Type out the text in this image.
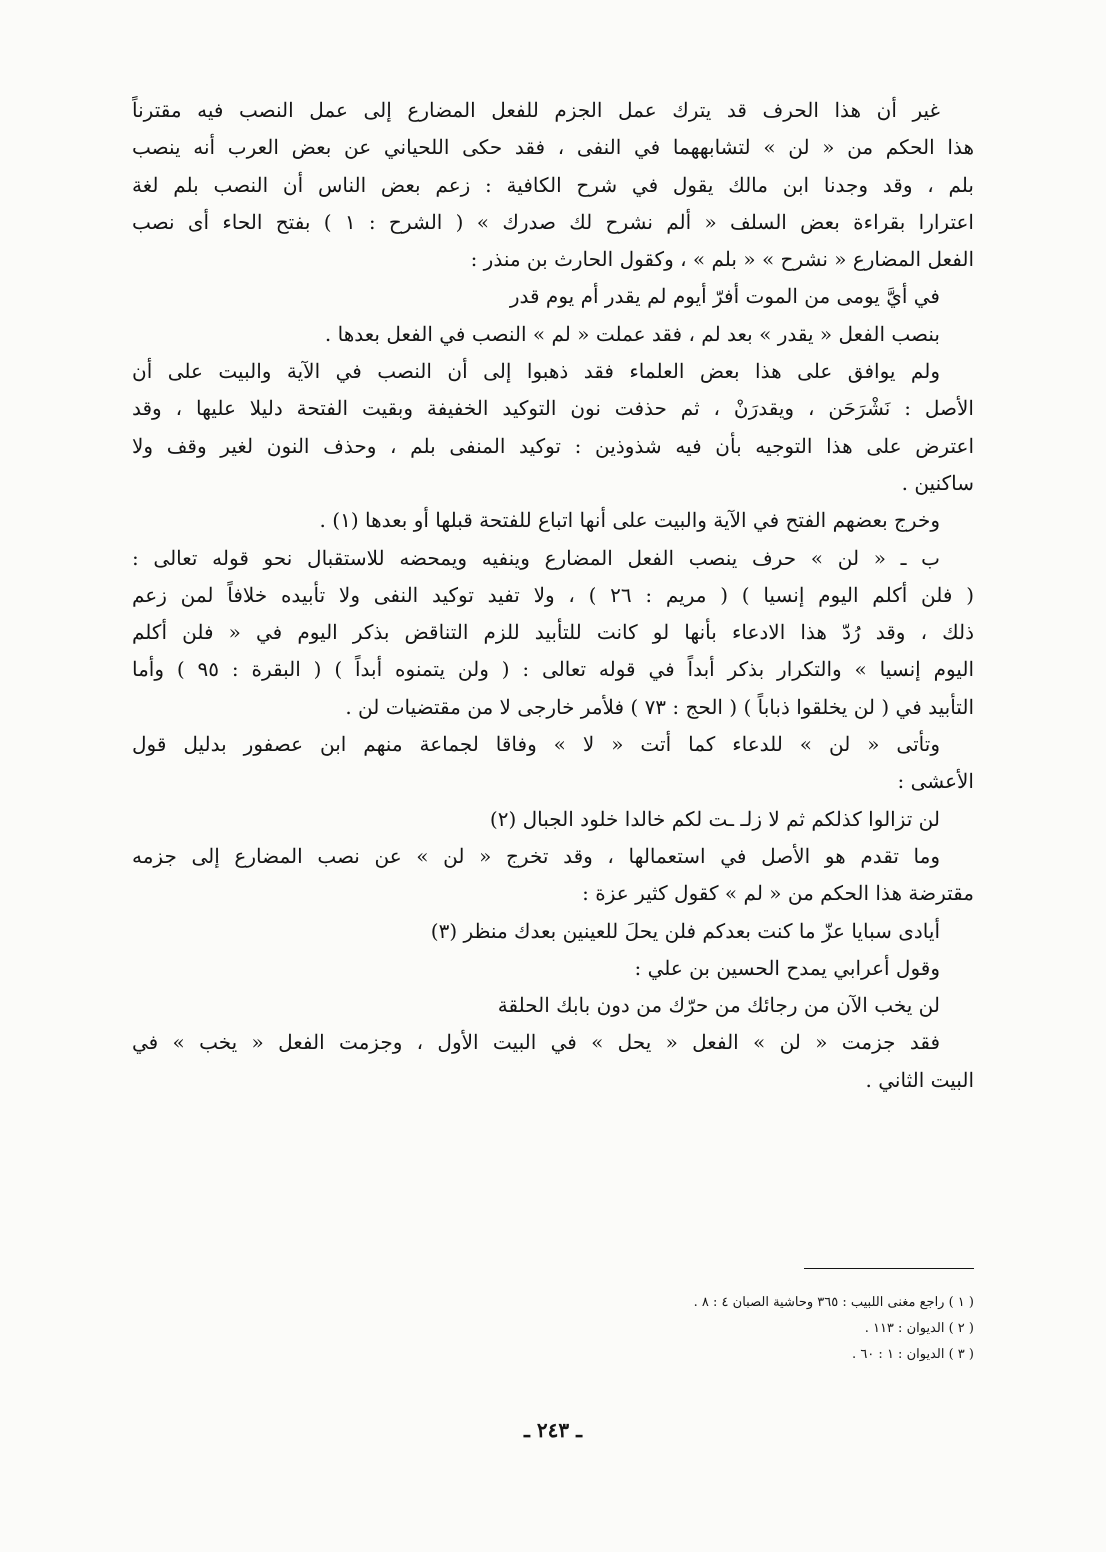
غير أن هذا الحرف قد يترك عمل الجزم للفعل المضارع إلى عمل النصب فيه مقترناً
هذا الحكم من « لن » لتشابههما في النفى ، فقد حكى اللحياني عن بعض العرب أنه ينصب
بلم ، وقد وجدنا ابن مالك يقول في شرح الكافية : زعم بعض الناس أن النصب بلم لغة
اعترارا بقراءة بعض السلف « ألم نشرح لك صدرك » ( الشرح : ١ ) بفتح الحاء أى نصب
الفعل المضارع « نشرح » « بلم » ، وكقول الحارث بن منذر :
في أيَّ يومى من الموت أفرّ أيوم لم يقدر أم يوم قدر
بنصب الفعل « يقدر » بعد لم ، فقد عملت « لم » النصب في الفعل بعدها .
ولم يوافق على هذا بعض العلماء فقد ذهبوا إلى أن النصب في الآية والبيت على أن
الأصل : نَشْرَحَن ، ويقدرَنْ ، ثم حذفت نون التوكيد الخفيفة وبقيت الفتحة دليلا عليها ، وقد
اعترض على هذا التوجيه بأن فيه شذوذين : توكيد المنفى بلم ، وحذف النون لغير وقف ولا
ساكنين .
وخرج بعضهم الفتح في الآية والبيت على أنها اتباع للفتحة قبلها أو بعدها (١) .
ب ـ « لن » حرف ينصب الفعل المضارع وينفيه ويمحضه للاستقبال نحو قوله تعالى :
( فلن أكلم اليوم إنسيا ) ( مريم : ٢٦ ) ، ولا تفيد توكيد النفى ولا تأبيده خلافاً لمن زعم
ذلك ، وقد رُدّ هذا الادعاء بأنها لو كانت للتأبيد للزم التناقض بذكر اليوم في « فلن أكلم
اليوم إنسيا » والتكرار بذكر أبداً في قوله تعالى : ( ولن يتمنوه أبداً ) ( البقرة : ٩٥ ) وأما
التأبيد في ( لن يخلقوا ذباباً ) ( الحج : ٧٣ ) فلأمر خارجى لا من مقتضيات لن .
وتأتى « لن » للدعاء كما أتت « لا » وفاقا لجماعة منهم ابن عصفور بدليل قول
الأعشى :
لن تزالوا كذلكم ثم لا زلـ ـت لكم خالدا خلود الجبال (٢)
وما تقدم هو الأصل في استعمالها ، وقد تخرج « لن » عن نصب المضارع إلى جزمه
مقترضة هذا الحكم من « لم » كقول كثير عزة :
أيادى سبايا عزّ ما كنت بعدكم فلن يحلَ للعينين بعدك منظر (٣)
وقول أعرابي يمدح الحسين بن علي :
لن يخب الآن من رجائك من حرّك من دون بابك الحلقة
فقد جزمت « لن » الفعل « يحل » في البيت الأول ، وجزمت الفعل « يخب » في
البيت الثاني .
( ١ ) راجع مغنى اللبيب : ٣٦٥ وحاشية الصبان ٤ : ٨ .
( ٢ ) الديوان : ١١٣ .
( ٣ ) الديوان : ١ : ٦٠ .
ـ ٢٤٣ ـ
